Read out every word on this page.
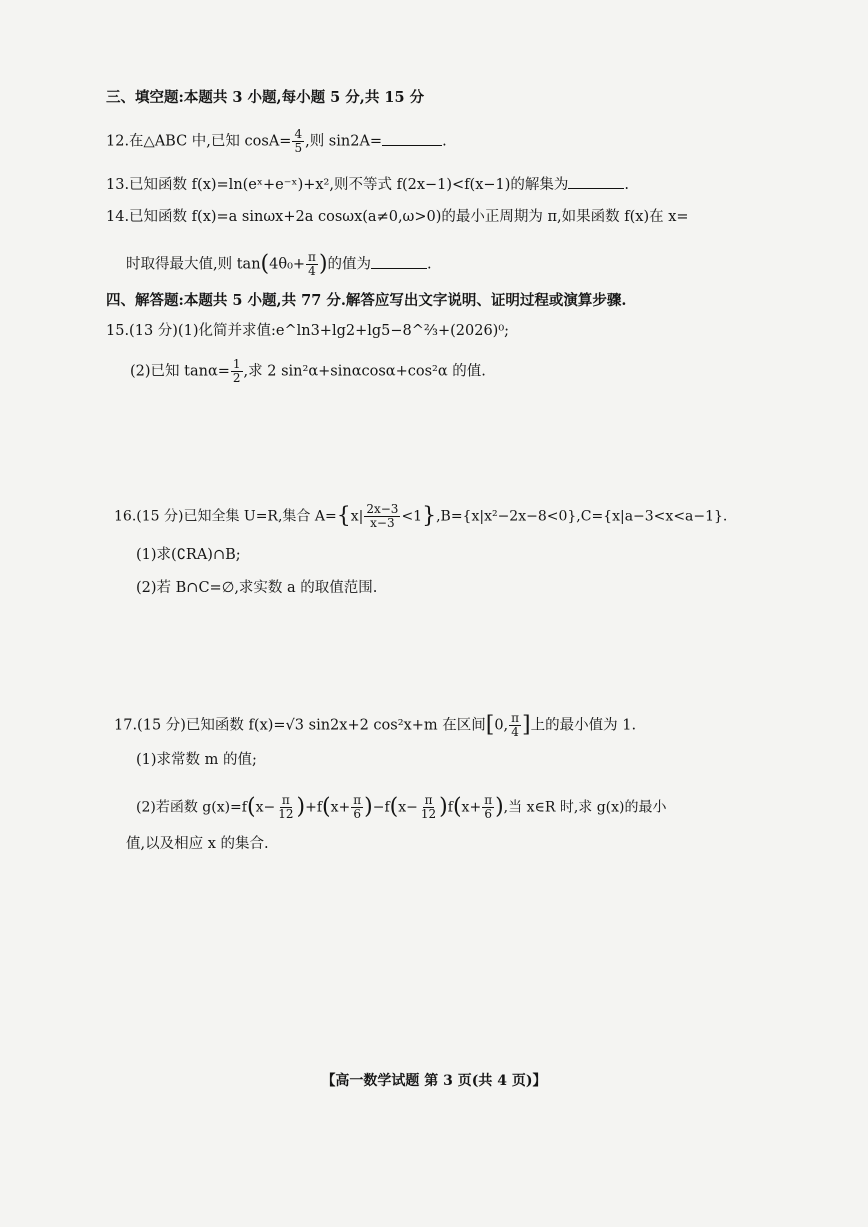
三、填空题:本题共 3 小题,每小题 5 分,共 15 分
12.在△ABC 中,已知 $\cos A= \frac{4}{5}$ ,则 sin2A=	.
13.已知函数 f(x)=ln(eˣ+e⁻ˣ)+x²,则不等式 f(2x−1)<f(x−1)的解集为	.
14.已知函数 f(x)=a sinωx+2a cosωx(a≠0,ω>0)的最小正周期为 π,如果函数 f(x)在 x=
时取得最大值,则 $\tan(4\theta_0+ \frac{\pi}{4}$ )的值为	.
四、解答题:本题共 5 小题,共 77 分.解答应写出文字说明、证明过程或演算步骤.
15.(13 分)(1)化简并求值:e^ln3+lg2+lg5−8^⅔+(2026)⁰;
(2)已知 $\tan\alpha= \frac{1}{2}$ ,求 2 sin²α+sinαcosα+cos²α 的值.
16.(15 分)已知全集 U=R,集合 $A=\{x| \frac{2x-3}{x-3} <1\},B=\{x|x^2-2x-8<0\},C=\{x|a-3<x<a-1\}$.
(1)求(∁RA)∩B;
(2)若 B∩C=∅,求实数 a 的取值范围.
17.(15 分)已知函数 f(x)=√3 sin2x+2 cos²x+m 在区间[0, $\frac{\pi}{4}$ ]上的最小值为 1.
(1)求常数 m 的值;
(2)若函数 $g(x)=f(x- \frac{\pi}{12} )+f(x+ \frac{\pi}{6} )-f(x- \frac{\pi}{12} )f(x+ \frac{\pi}{6}$ ),当 x∈R 时,求 g(x)的最小
值,以及相应 x 的集合.
【高一数学试题 第 3 页(共 4 页)】
